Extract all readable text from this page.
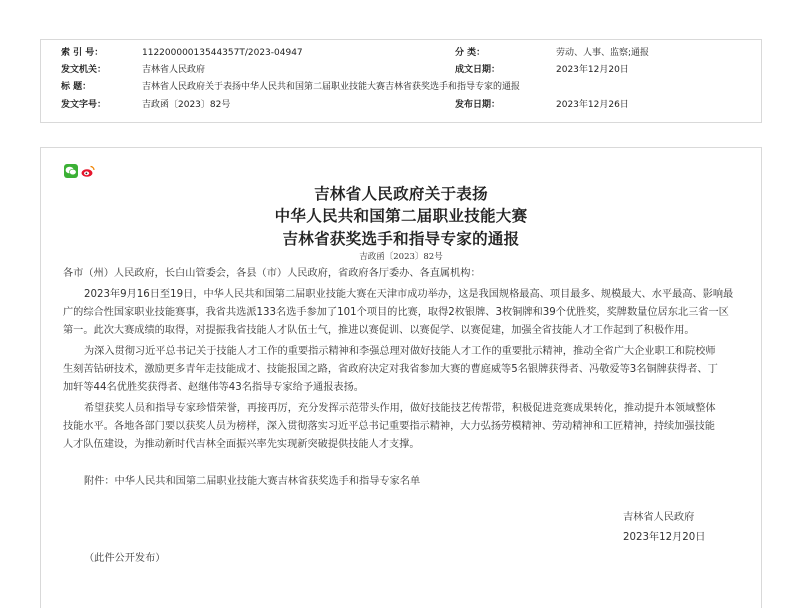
索 引 号：	11220000013544357T/2023-04947	分 类：	劳动、人事、监察;通报
发文机关：	吉林省人民政府	成文日期：	2023年12月20日
标 题：	吉林省人民政府关于表扬中华人民共和国第二届职业技能大赛吉林省获奖选手和指导专家的通报
发文字号：	吉政函〔2023〕82号	发布日期：	2023年12月26日
吉林省人民政府关于表扬
中华人民共和国第二届职业技能大赛
吉林省获奖选手和指导专家的通报
吉政函〔2023〕82号
各市（州）人民政府，长白山管委会，各县（市）人民政府，省政府各厅委办、各直属机构：
2023年9月16日至19日，中华人民共和国第二届职业技能大赛在天津市成功举办，这是我国规格最高、项目最多、规模最大、水平最高、影响最
广的综合性国家职业技能赛事，我省共选派133名选手参加了101个项目的比赛，取得2枚银牌、3枚铜牌和39个优胜奖，奖牌数量位居东北三省一区
第一。此次大赛成绩的取得，对提振我省技能人才队伍士气，推进以赛促训、以赛促学、以赛促建，加强全省技能人才工作起到了积极作用。
为深入贯彻习近平总书记关于技能人才工作的重要指示精神和李强总理对做好技能人才工作的重要批示精神，推动全省广大企业职工和院校师
生刻苦钻研技术，激励更多青年走技能成才、技能报国之路，省政府决定对我省参加大赛的曹庭威等5名银牌获得者、冯敬爱等3名铜牌获得者、丁
加轩等44名优胜奖获得者、赵继伟等43名指导专家给予通报表扬。
希望获奖人员和指导专家珍惜荣誉，再接再厉，充分发挥示范带头作用，做好技能技艺传帮带，积极促进竞赛成果转化，推动提升本领域整体
技能水平。各地各部门要以获奖人员为榜样，深入贯彻落实习近平总书记重要指示精神，大力弘扬劳模精神、劳动精神和工匠精神，持续加强技能
人才队伍建设，为推动新时代吉林全面振兴率先实现新突破提供技能人才支撑。
附件：中华人民共和国第二届职业技能大赛吉林省获奖选手和指导专家名单
吉林省人民政府
2023年12月20日
（此件公开发布）
